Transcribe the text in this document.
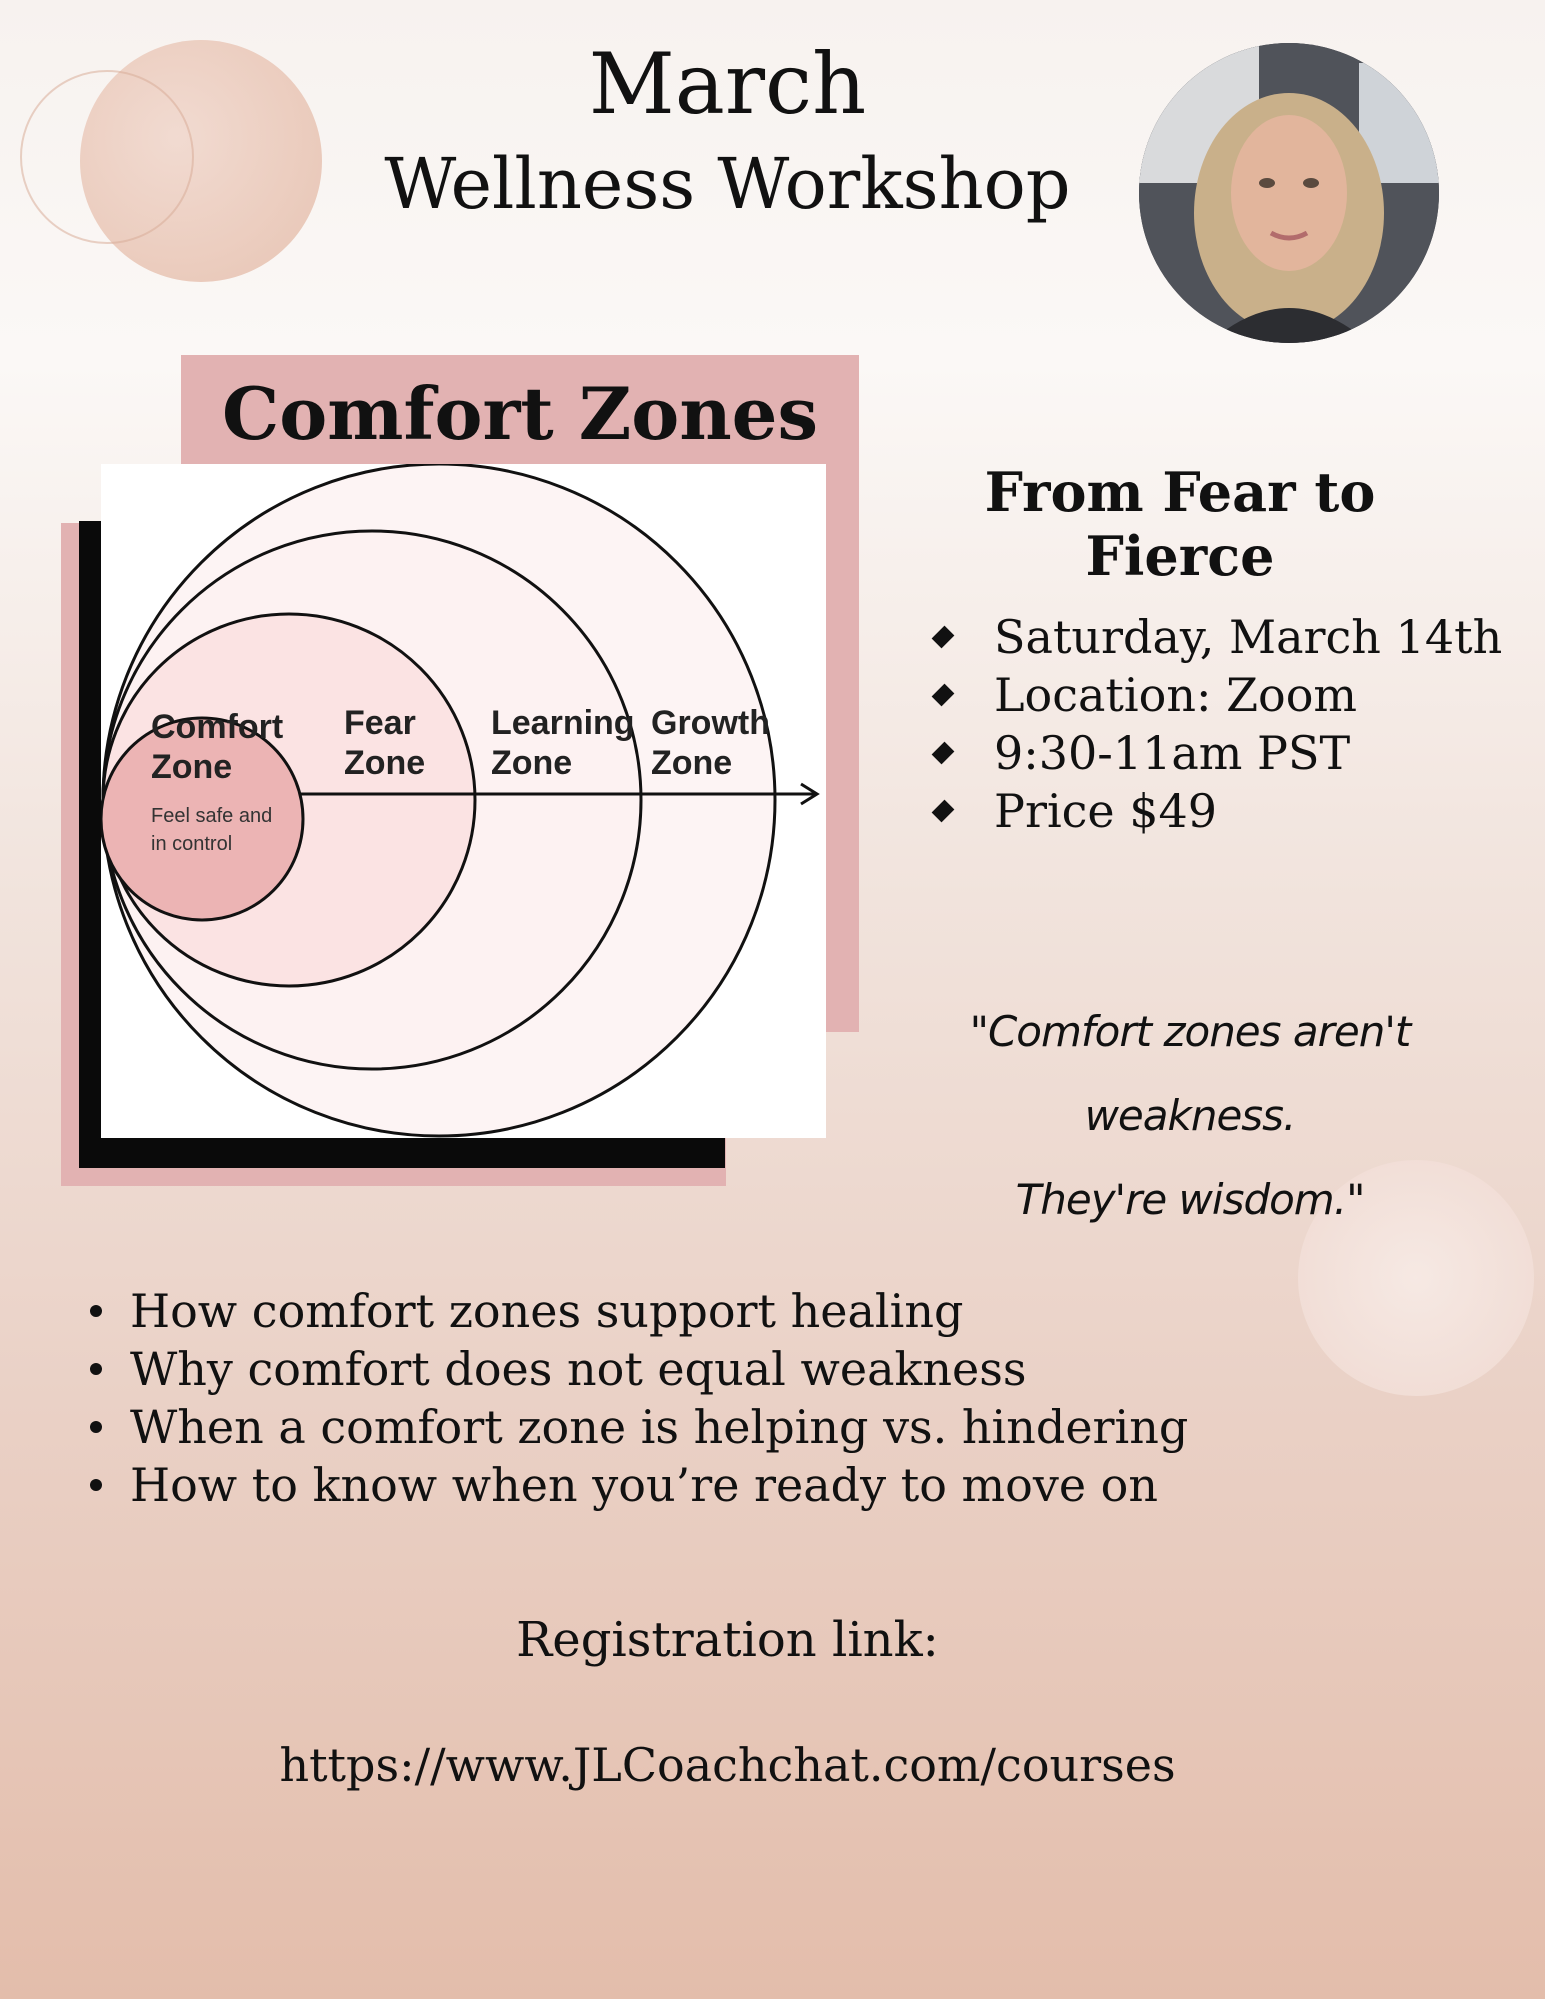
March
Wellness Workshop
Comfort Zones
Comfort
Zone
Fear
Zone
Learning
Zone
Growth
Zone
Feel safe and
in control
From Fear to Fierce
Saturday, March 14th
Location: Zoom
9:30-11am PST
Price $49
"Comfort zones aren't weakness.
They're wisdom."
How comfort zones support healing
Why comfort does not equal weakness
When a comfort zone is helping vs. hindering
How to know when you’re ready to move on
Registration link:
https://www.JLCoachchat.com/courses
